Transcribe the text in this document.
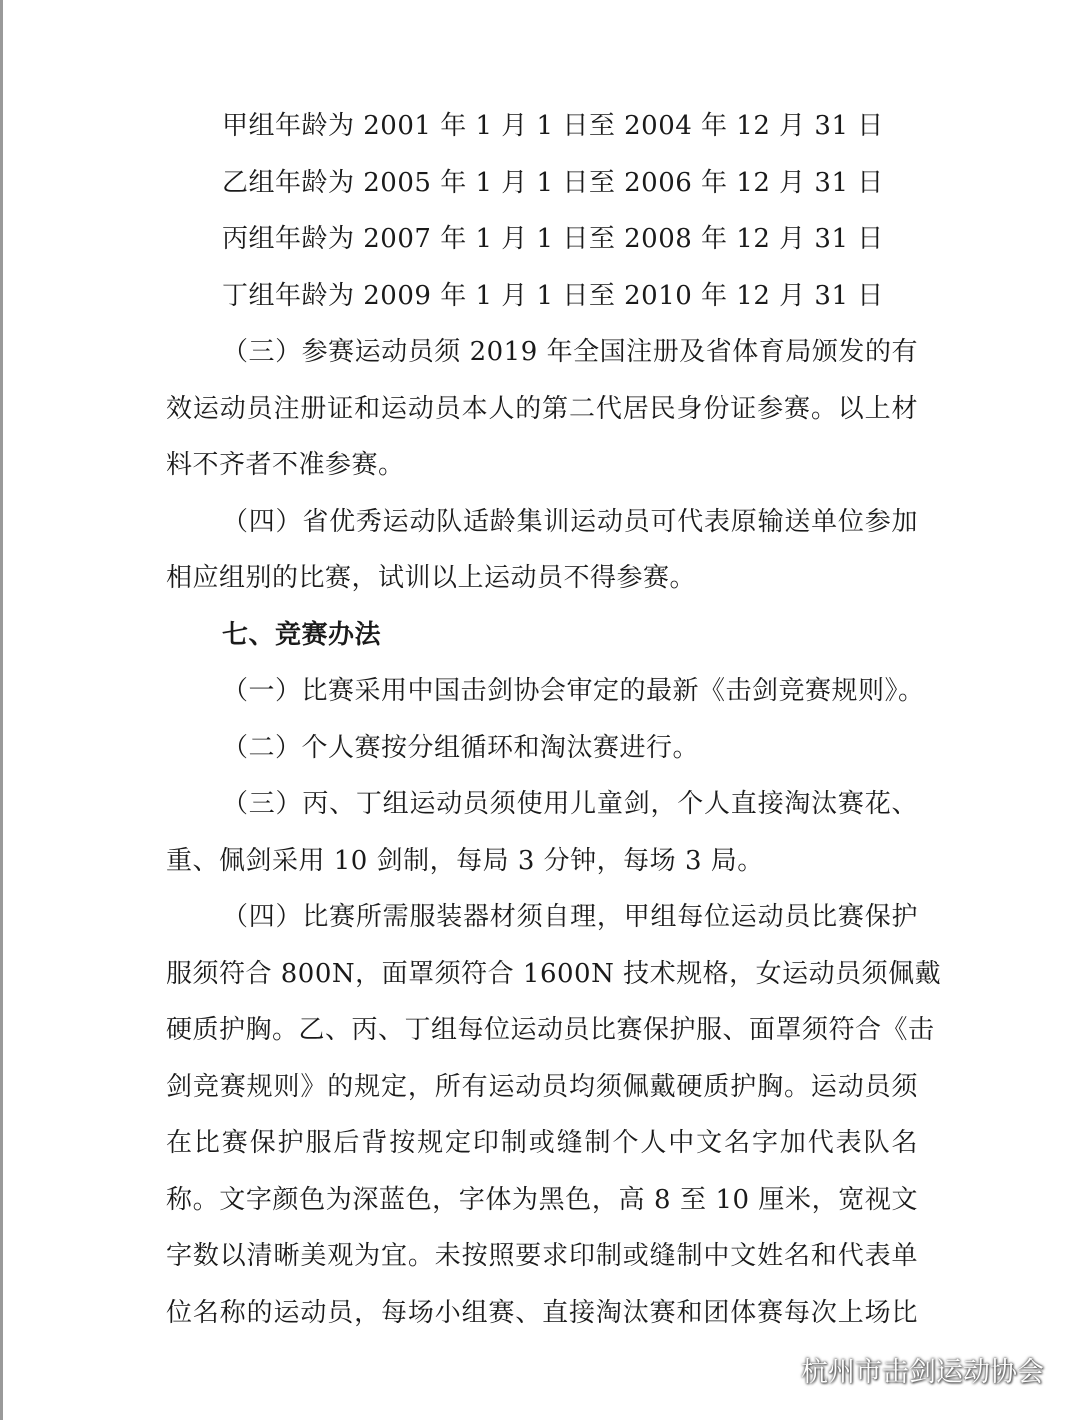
甲组年龄为 2001 年 1 月 1 日至 2004 年 12 月 31 日
乙组年龄为 2005 年 1 月 1 日至 2006 年 12 月 31 日
丙组年龄为 2007 年 1 月 1 日至 2008 年 12 月 31 日
丁组年龄为 2009 年 1 月 1 日至 2010 年 12 月 31 日
（三）参赛运动员须 2019 年全国注册及省体育局颁发的有
效运动员注册证和运动员本人的第二代居民身份证参赛。以上材
料不齐者不准参赛。
（四）省优秀运动队适龄集训运动员可代表原输送单位参加
相应组别的比赛，试训以上运动员不得参赛。
七、竞赛办法
（一）比赛采用中国击剑协会审定的最新《击剑竞赛规则》。
（二）个人赛按分组循环和淘汰赛进行。
（三）丙、丁组运动员须使用儿童剑，个人直接淘汰赛花、
重、佩剑采用 10 剑制，每局 3 分钟，每场 3 局。
（四）比赛所需服装器材须自理，甲组每位运动员比赛保护
服须符合 800N，面罩须符合 1600N 技术规格，女运动员须佩戴
硬质护胸。乙、丙、丁组每位运动员比赛保护服、面罩须符合《击
剑竞赛规则》的规定，所有运动员均须佩戴硬质护胸。运动员须
在比赛保护服后背按规定印制或缝制个人中文名字加代表队名
称。文字颜色为深蓝色，字体为黑色，高 8 至 10 厘米，宽视文
字数以清晰美观为宜。未按照要求印制或缝制中文姓名和代表单
位名称的运动员，每场小组赛、直接淘汰赛和团体赛每次上场比
杭州市击剑运动协会
